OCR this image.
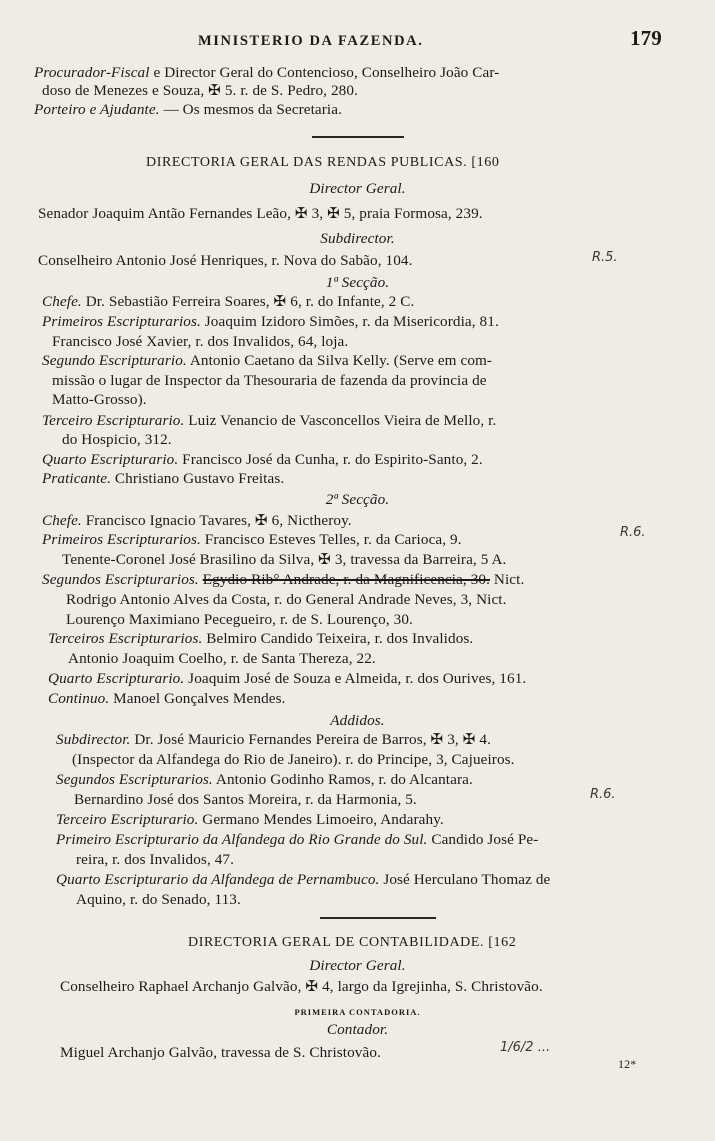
MINISTERIO DA FAZENDA.	179
Procurador-Fiscal e Director Geral do Contencioso, Conselheiro João Car-
doso de Menezes e Souza, ✠ 5. r. de S. Pedro, 280.
Porteiro e Ajudante. — Os mesmos da Secretaria.
DIRECTORIA GERAL DAS RENDAS PUBLICAS. [160
Director Geral.
Senador Joaquim Antão Fernandes Leão, ✠ 3, ✠ 5, praia Formosa, 239.
Subdirector.
Conselheiro Antonio José Henriques, r. Nova do Sabão, 104.	R.5.
1ª Secção.
Chefe. Dr. Sebastião Ferreira Soares, ✠ 6, r. do Infante, 2 C.
Primeiros Escripturarios. Joaquim Izidoro Simões, r. da Misericordia, 81.
Francisco José Xavier, r. dos Invalidos, 64, loja.
Segundo Escripturario. Antonio Caetano da Silva Kelly. (Serve em com-
missão o lugar de Inspector da Thesouraria de fazenda da provincia de
Matto-Grosso).
Terceiro Escripturario. Luiz Venancio de Vasconcellos Vieira de Mello, r.
do Hospicio, 312.
Quarto Escripturario. Francisco José da Cunha, r. do Espirito-Santo, 2.
Praticante. Christiano Gustavo Freitas.
2ª Secção.
Chefe. Francisco Ignacio Tavares, ✠ 6, Nictheroy.
Primeiros Escripturarios. Francisco Esteves Telles, r. da Carioca, 9.	R.6.
Tenente-Coronel José Brasilino da Silva, ✠ 3, travessa da Barreira, 5 A.
Segundos Escripturarios. Egydio Rib° Andrade, r. da Magnificencia, 30. Nict.
Rodrigo Antonio Alves da Costa, r. do General Andrade Neves, 3, Nict.
Lourenço Maximiano Pecegueiro, r. de S. Lourenço, 30.
Terceiros Escripturarios. Belmiro Candido Teixeira, r. dos Invalidos.
Antonio Joaquim Coelho, r. de Santa Thereza, 22.
Quarto Escripturario. Joaquim José de Souza e Almeida, r. dos Ourives, 161.
Continuo. Manoel Gonçalves Mendes.
Addidos.
Subdirector. Dr. José Mauricio Fernandes Pereira de Barros, ✠ 3, ✠ 4.
(Inspector da Alfandega do Rio de Janeiro). r. do Principe, 3, Cajueiros.
Segundos Escripturarios. Antonio Godinho Ramos, r. do Alcantara.
Bernardino José dos Santos Moreira, r. da Harmonia, 5.	R.6.
Terceiro Escripturario. Germano Mendes Limoeiro, Andarahy.
Primeiro Escripturario da Alfandega do Rio Grande do Sul. Candido José Pe-
reira, r. dos Invalidos, 47.
Quarto Escripturario da Alfandega de Pernambuco. José Herculano Thomaz de
Aquino, r. do Senado, 113.
DIRECTORIA GERAL DE CONTABILIDADE. [162
Director Geral.
Conselheiro Raphael Archanjo Galvão, ✠ 4, largo da Igrejinha, S. Christovão.
PRIMEIRA CONTADORIA.
Contador.
Miguel Archanjo Galvão, travessa de S. Christovão.	1/6/2 ...
12*
